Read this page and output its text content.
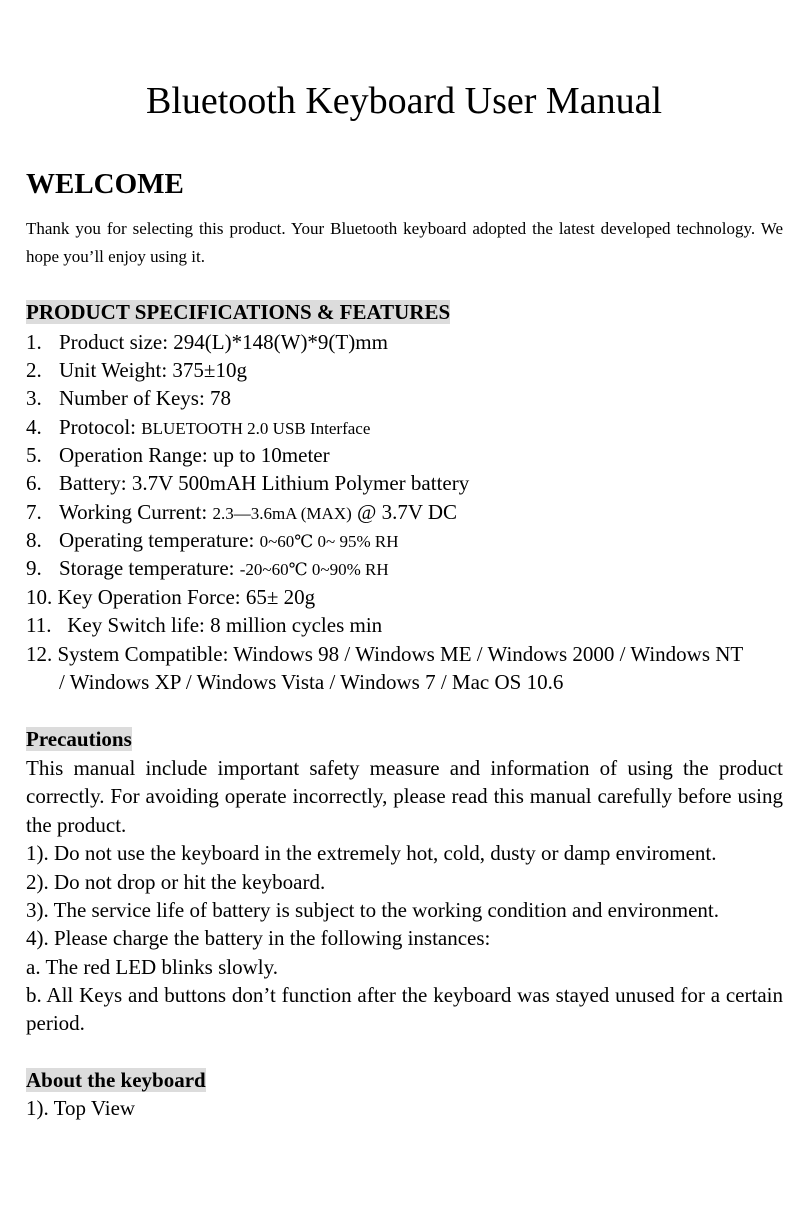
Bluetooth Keyboard User Manual
WELCOME
Thank you for selecting this product. Your Bluetooth keyboard adopted the latest developed technology. We hope you’ll enjoy using it.
PRODUCT SPECIFICATIONS & FEATURES
1. Product size: 294(L)*148(W)*9(T)mm
2. Unit Weight: 375±10g
3. Number of Keys: 78
4. Protocol: BLUETOOTH 2.0 USB Interface
5. Operation Range: up to 10meter
6. Battery: 3.7V 500mAH Lithium Polymer battery
7. Working Current: 2.3—3.6mA (MAX) @ 3.7V DC
8. Operating temperature: 0~60℃ 0~ 95% RH
9. Storage temperature: -20~60℃ 0~90% RH
10. Key Operation Force: 65± 20g
11. Key Switch life: 8 million cycles min
12. System Compatible: Windows 98 / Windows ME / Windows 2000 / Windows NT
/ Windows XP / Windows Vista / Windows 7 / Mac OS 10.6
Precautions
This manual include important safety measure and information of using the product correctly. For avoiding operate incorrectly, please read this manual carefully before using the product.
1). Do not use the keyboard in the extremely hot, cold, dusty or damp enviroment.
2). Do not drop or hit the keyboard.
3). The service life of battery is subject to the working condition and environment.
4). Please charge the battery in the following instances:
a. The red LED blinks slowly.
b. All Keys and buttons don’t function after the keyboard was stayed unused for a certain period.
About the keyboard
1). Top View
